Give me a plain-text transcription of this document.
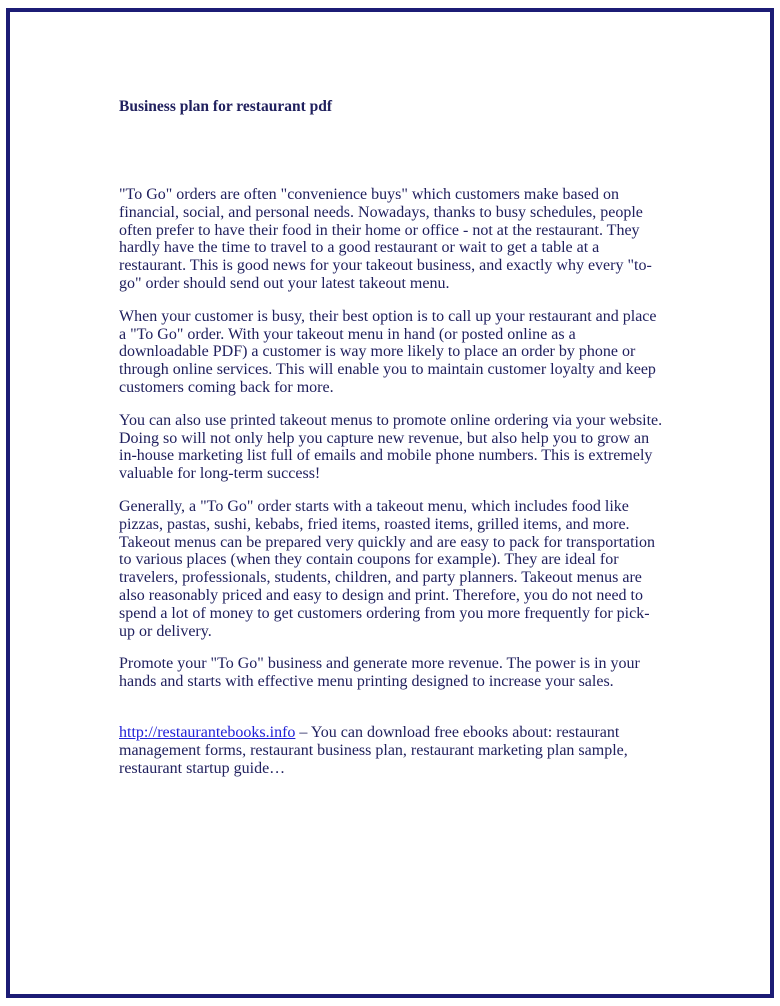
Business plan for restaurant pdf

"To Go" orders are often "convenience buys" which customers make based on financial, social, and personal needs. Nowadays, thanks to busy schedules, people often prefer to have their food in their home or office - not at the restaurant. They hardly have the time to travel to a good restaurant or wait to get a table at a restaurant. This is good news for your takeout business, and exactly why every "to-go" order should send out your latest takeout menu.

When your customer is busy, their best option is to call up your restaurant and place a "To Go" order. With your takeout menu in hand (or posted online as a downloadable PDF) a customer is way more likely to place an order by phone or through online services. This will enable you to maintain customer loyalty and keep customers coming back for more.

You can also use printed takeout menus to promote online ordering via your website. Doing so will not only help you capture new revenue, but also help you to grow an in-house marketing list full of emails and mobile phone numbers. This is extremely valuable for long-term success!

Generally, a "To Go" order starts with a takeout menu, which includes food like pizzas, pastas, sushi, kebabs, fried items, roasted items, grilled items, and more. Takeout menus can be prepared very quickly and are easy to pack for transportation to various places (when they contain coupons for example). They are ideal for travelers, professionals, students, children, and party planners. Takeout menus are also reasonably priced and easy to design and print. Therefore, you do not need to spend a lot of money to get customers ordering from you more frequently for pick-up or delivery.

Promote your "To Go" business and generate more revenue. The power is in your hands and starts with effective menu printing designed to increase your sales.

http://restaurantebooks.info – You can download free ebooks about: restaurant management forms, restaurant business plan, restaurant marketing plan sample, restaurant startup guide…
